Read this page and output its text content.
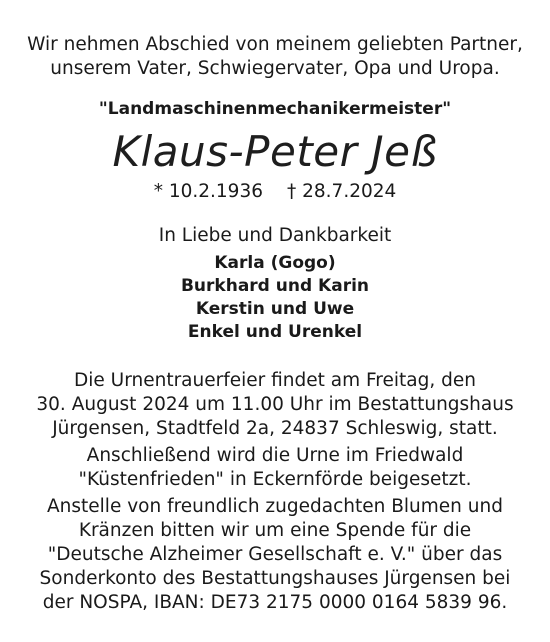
Wir nehmen Abschied von meinem geliebten Partner,
unserem Vater, Schwiegervater, Opa und Uropa.
"Landmaschinenmechanikermeister"
Klaus-Peter Jeß
* 10.2.1936 † 28.7.2024
In Liebe und Dankbarkeit
Karla (Gogo)
Burkhard und Karin
Kerstin und Uwe
Enkel und Urenkel
Die Urnentrauerfeier findet am Freitag, den
30. August 2024 um 11.00 Uhr im Bestattungshaus
Jürgensen, Stadtfeld 2a, 24837 Schleswig, statt.
Anschließend wird die Urne im Friedwald
"Küstenfrieden" in Eckernförde beigesetzt.
Anstelle von freundlich zugedachten Blumen und
Kränzen bitten wir um eine Spende für die
"Deutsche Alzheimer Gesellschaft e. V." über das
Sonderkonto des Bestattungshauses Jürgensen bei
der NOSPA, IBAN: DE73 2175 0000 0164 5839 96.
